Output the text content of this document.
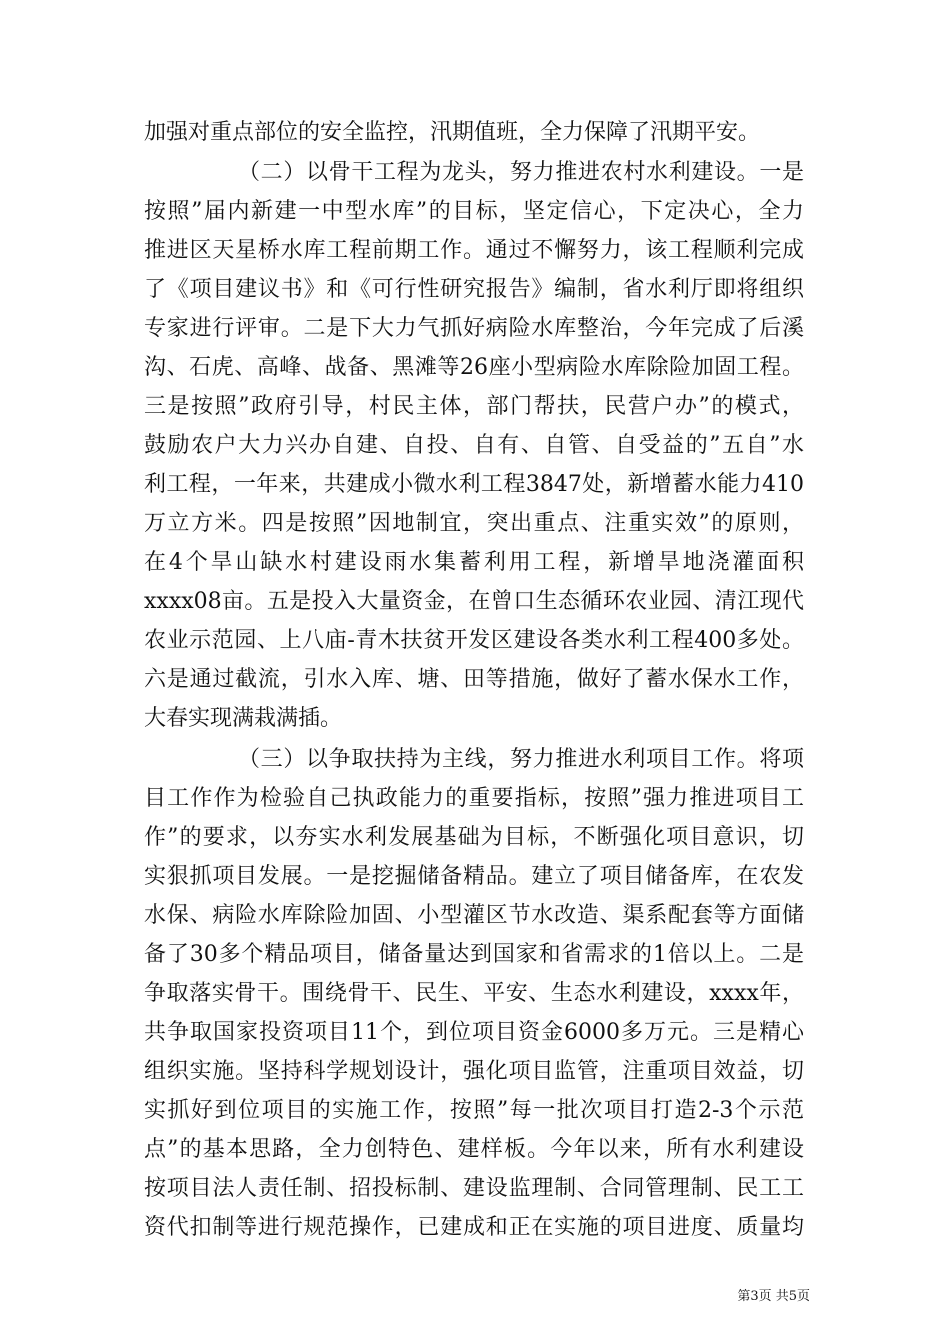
加强对重点部位的安全监控，汛期值班，全力保障了汛期平安。
（二）以骨干工程为龙头，努力推进农村水利建设。一是
按照”届内新建一中型水库”的目标，坚定信心，下定决心，全力
推进区天星桥水库工程前期工作。通过不懈努力，该工程顺利完成
了《项目建议书》和《可行性研究报告》编制，省水利厅即将组织
专家进行评审。二是下大力气抓好病险水库整治，今年完成了后溪
沟、石虎、高峰、战备、黑滩等26座小型病险水库除险加固工程。
三是按照”政府引导，村民主体，部门帮扶，民营户办”的模式，
鼓励农户大力兴办自建、自投、自有、自管、自受益的”五自”水
利工程，一年来，共建成小微水利工程3847处，新增蓄水能力410
万立方米。四是按照”因地制宜，突出重点、注重实效”的原则，
在4个旱山缺水村建设雨水集蓄利用工程，新增旱地浇灌面积
xxxx08亩。五是投入大量资金，在曾口生态循环农业园、清江现代
农业示范园、上八庙-青木扶贫开发区建设各类水利工程400多处。
六是通过截流，引水入库、塘、田等措施，做好了蓄水保水工作，
大春实现满栽满插。
（三）以争取扶持为主线，努力推进水利项目工作。将项
目工作作为检验自己执政能力的重要指标，按照”强力推进项目工
作”的要求，以夯实水利发展基础为目标，不断强化项目意识，切
实狠抓项目发展。一是挖掘储备精品。建立了项目储备库，在农发
水保、病险水库除险加固、小型灌区节水改造、渠系配套等方面储
备了30多个精品项目，储备量达到国家和省需求的1倍以上。二是
争取落实骨干。围绕骨干、民生、平安、生态水利建设，xxxx年，
共争取国家投资项目11个，到位项目资金6000多万元。三是精心
组织实施。坚持科学规划设计，强化项目监管，注重项目效益，切
实抓好到位项目的实施工作，按照”每一批次项目打造2-3个示范
点”的基本思路，全力创特色、建样板。今年以来，所有水利建设
按项目法人责任制、招投标制、建设监理制、合同管理制、民工工
资代扣制等进行规范操作，已建成和正在实施的项目进度、质量均
第3页 共5页
